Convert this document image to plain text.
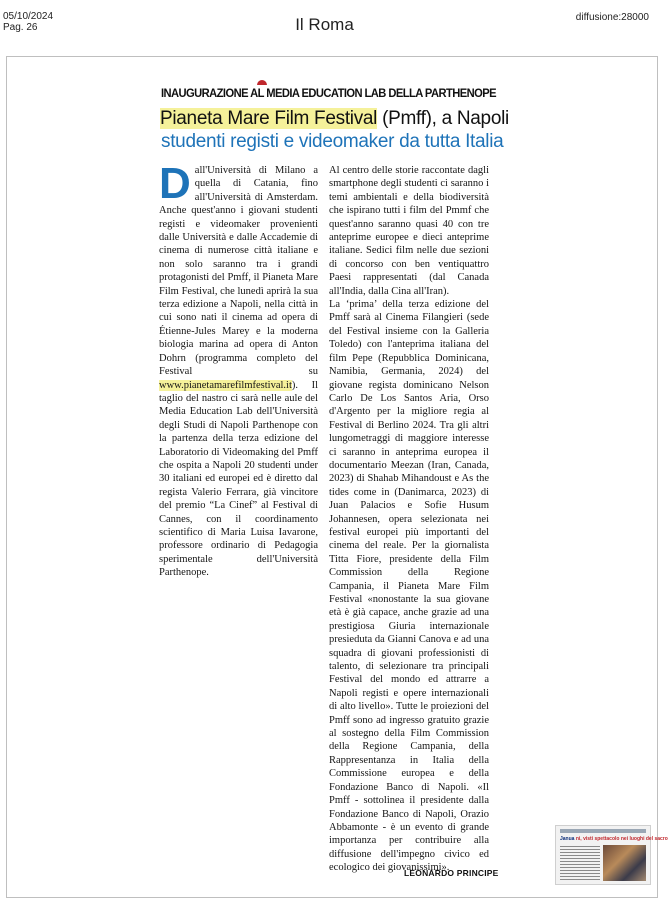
05/10/2024
Pag. 26	Il Roma	diffusione:28000
INAUGURAZIONE AL MEDIA EDUCATION LAB DELLA PARTHENOPE
Pianeta Mare Film Festival (Pmff), a Napoli
studenti registi e videomaker da tutta Italia
Dall'Università di Milano a quella di Catania, fino all'Università di Amsterdam. Anche quest'anno i giovani studenti registi e videomaker provenienti dalle Università e dalle Accademie di cinema di numerose città italiane e non solo saranno tra i grandi protagonisti del Pmff, il Pianeta Mare Film Festival, che lunedì aprirà la sua terza edizione a Napoli, nella città in cui sono nati il cinema ad opera di Étienne-Jules Marey e la moderna biologia marina ad opera di Anton Dohrn (programma completo del Festival su www.pianetamarefilmfestival.it). Il taglio del nastro ci sarà nelle aule del Media Education Lab dell'Università degli Studi di Napoli Parthenope con la partenza della terza edizione del Laboratorio di Videomaking del Pmff che ospita a Napoli 20 studenti under 30 italiani ed europei ed è diretto dal regista Valerio Ferrara, già vincitore del premio “La Cinef” al Festival di Cannes, con il coordinamento scientifico di Maria Luisa Iavarone, professore ordinario di Pedagogia sperimentale dell'Università Parthenope.
Al centro delle storie raccontate dagli smartphone degli studenti ci saranno i temi ambientali e della biodiversità che ispirano tutti i film del Pmmf che quest'anno saranno quasi 40 con tre anteprime europee e dieci anteprime italiane. Sedici film nelle due sezioni di concorso con ben ventiquattro Paesi rappresentati (dal Canada all'India, dalla Cina all'Iran).
La ‘prima’ della terza edizione del Pmff sarà al Cinema Filangieri (sede del Festival insieme con la Galleria Toledo) con l'anteprima italiana del film Pepe (Repubblica Dominicana, Namibia, Germania, 2024) del giovane regista dominicano Nelson Carlo De Los Santos Aria, Orso d'Argento per la migliore regia al Festival di Berlino 2024. Tra gli altri lungometraggi di maggiore interesse ci saranno in anteprima europea il documentario Meezan (Iran, Canada, 2023) di Shahab Mihandoust e As the tides come in (Danimarca, 2023) di Juan Palacios e Sofie Husum Johannesen, opera selezionata nei festival europei più importanti del cinema del reale. Per la giornalista Titta Fiore, presidente della Film Commission della Regione Campania, il Pianeta Mare Film Festival «nonostante la sua giovane età è già capace, anche grazie ad una prestigiosa Giuria internazionale presieduta da Gianni Canova e ad una squadra di giovani professionisti di talento, di selezionare tra principali Festival del mondo ed attrarre a Napoli registi e opere internazionali di alto livello». Tutte le proiezioni del Pmff sono ad ingresso gratuito grazie al sostegno della Film Commission della Regione Campania, della Rappresentanza in Italia della Commissione europea e della Fondazione Banco di Napoli. «Il Pmff - sottolinea il presidente dalla Fondazione Banco di Napoli, Orazio Abbamonte - è un evento di grande importanza per contribuire alla diffusione dell'impegno civico ed ecologico dei giovanissimi».
LEONARDO PRINCIPE
Janua ni, visti spettacolo nei luoghi del sacro
